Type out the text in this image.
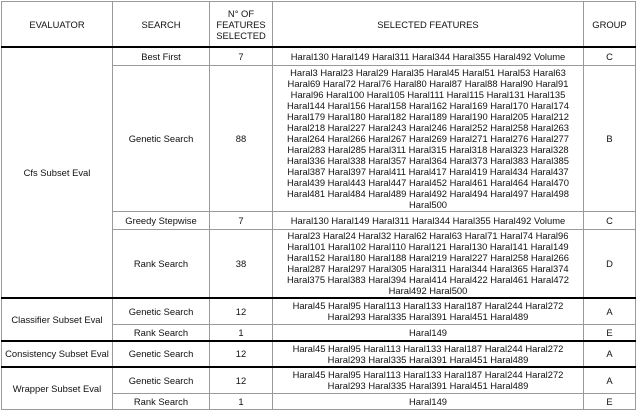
EVALUATOR	SEARCH	N° OF FEATURES SELECTED	SELECTED FEATURES	GROUP
Cfs Subset Eval	Best First	7	Haral130 Haral149 Haral311 Haral344 Haral355 Haral492 Volume	C
	Genetic Search	88	Haral3 Haral23 Haral29 Haral35 Haral45 Haral51 Haral53 Haral63 Haral69 Haral72 Haral76 Haral80 Haral87 Haral88 Haral90 Haral91 Haral96 Haral100 Haral105 Haral111 Haral115 Haral131 Haral135 Haral144 Haral156 Haral158 Haral162 Haral169 Haral170 Haral174 Haral179 Haral180 Haral182 Haral189 Haral190 Haral205 Haral212 Haral218 Haral227 Haral243 Haral246 Haral252 Haral258 Haral263 Haral264 Haral266 Haral267 Haral269 Haral271 Haral276 Haral277 Haral283 Haral285 Haral311 Haral315 Haral318 Haral323 Haral328 Haral336 Haral338 Haral357 Haral364 Haral373 Haral383 Haral385 Haral387 Haral397 Haral411 Haral417 Haral419 Haral434 Haral437 Haral439 Haral443 Haral447 Haral452 Haral461 Haral464 Haral470 Haral481 Haral484 Haral489 Haral492 Haral494 Haral497 Haral498 Haral500	B
	Greedy Stepwise	7	Haral130 Haral149 Haral311 Haral344 Haral355 Haral492 Volume	C
	Rank Search	38	Haral23 Haral24 Haral32 Haral62 Haral63 Haral71 Haral74 Haral96 Haral101 Haral102 Haral110 Haral121 Haral130 Haral141 Haral149 Haral152 Haral180 Haral188 Haral219 Haral227 Haral258 Haral266 Haral287 Haral297 Haral305 Haral311 Haral344 Haral365 Haral374 Haral375 Haral383 Haral394 Haral414 Haral422 Haral461 Haral472 Haral492 Haral500	D
Classifier Subset Eval	Genetic Search	12	Haral45 Haral95 Haral113 Haral133 Haral187 Haral244 Haral272 Haral293 Haral335 Haral391 Haral451 Haral489	A
	Rank Search	1	Haral149	E
Consistency Subset Eval	Genetic Search	12	Haral45 Haral95 Haral113 Haral133 Haral187 Haral244 Haral272 Haral293 Haral335 Haral391 Haral451 Haral489	A
Wrapper Subset Eval	Genetic Search	12	Haral45 Haral95 Haral113 Haral133 Haral187 Haral244 Haral272 Haral293 Haral335 Haral391 Haral451 Haral489	A
	Rank Search	1	Haral149	E
